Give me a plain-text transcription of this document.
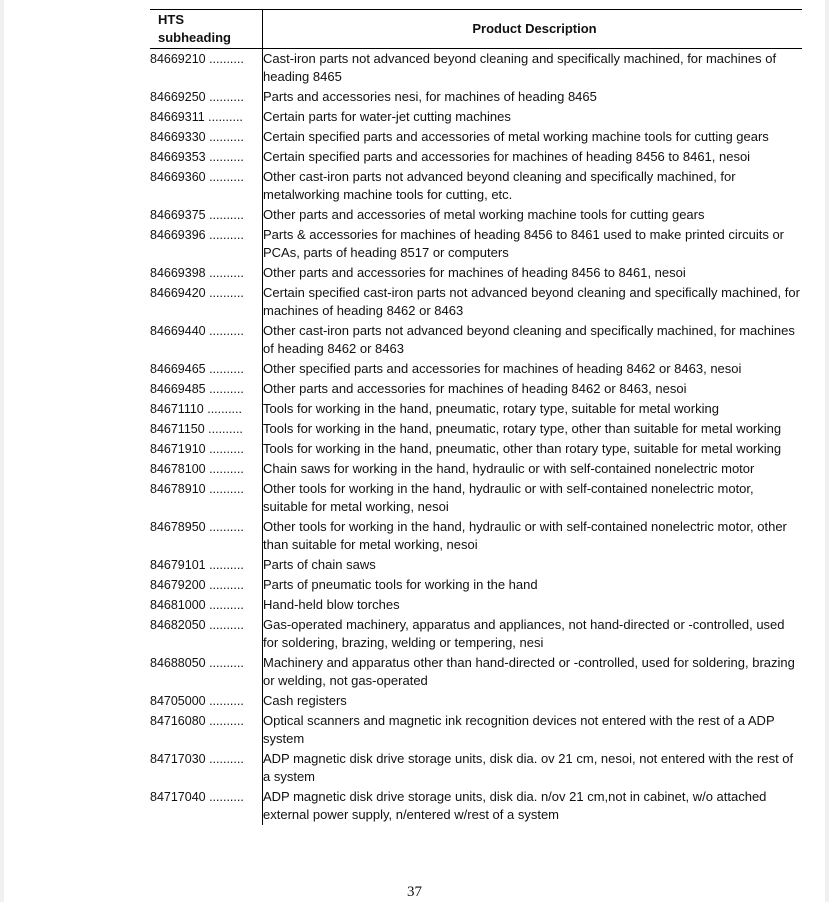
HTS subheading	Product Description
84669210 ..........	Cast-iron parts not advanced beyond cleaning and specifically machined, for machines of heading 8465
84669250 ..........	Parts and accessories nesi, for machines of heading 8465
84669311 ..........	Certain parts for water-jet cutting machines
84669330 ..........	Certain specified parts and accessories of metal working machine tools for cutting gears
84669353 ..........	Certain specified parts and accessories for machines of heading 8456 to 8461, nesoi
84669360 ..........	Other cast-iron parts not advanced beyond cleaning and specifically machined, for metalworking machine tools for cutting, etc.
84669375 ..........	Other parts and accessories of metal working machine tools for cutting gears
84669396 ..........	Parts & accessories for machines of heading 8456 to 8461 used to make printed circuits or PCAs, parts of heading 8517 or computers
84669398 ..........	Other parts and accessories for machines of heading 8456 to 8461, nesoi
84669420 ..........	Certain specified cast-iron parts not advanced beyond cleaning and specifically machined, for machines of heading 8462 or 8463
84669440 ..........	Other cast-iron parts not advanced beyond cleaning and specifically machined, for machines of heading 8462 or 8463
84669465 ..........	Other specified parts and accessories for machines of heading 8462 or 8463, nesoi
84669485 ..........	Other parts and accessories for machines of heading 8462 or 8463, nesoi
84671110 ..........	Tools for working in the hand, pneumatic, rotary type, suitable for metal working
84671150 ..........	Tools for working in the hand, pneumatic, rotary type, other than suitable for metal working
84671910 ..........	Tools for working in the hand, pneumatic, other than rotary type, suitable for metal working
84678100 ..........	Chain saws for working in the hand, hydraulic or with self-contained nonelectric motor
84678910 ..........	Other tools for working in the hand, hydraulic or with self-contained nonelectric motor, suitable for metal working, nesoi
84678950 ..........	Other tools for working in the hand, hydraulic or with self-contained nonelectric motor, other than suitable for metal working, nesoi
84679101 ..........	Parts of chain saws
84679200 ..........	Parts of pneumatic tools for working in the hand
84681000 ..........	Hand-held blow torches
84682050 ..........	Gas-operated machinery, apparatus and appliances, not hand-directed or -controlled, used for soldering, brazing, welding or tempering, nesi
84688050 ..........	Machinery and apparatus other than hand-directed or -controlled, used for soldering, brazing or welding, not gas-operated
84705000 ..........	Cash registers
84716080 ..........	Optical scanners and magnetic ink recognition devices not entered with the rest of a ADP system
84717030 ..........	ADP magnetic disk drive storage units, disk dia. ov 21 cm, nesoi, not entered with the rest of a system
84717040 ..........	ADP magnetic disk drive storage units, disk dia. n/ov 21 cm,not in cabinet, w/o attached external power supply, n/entered w/rest of a system
37
